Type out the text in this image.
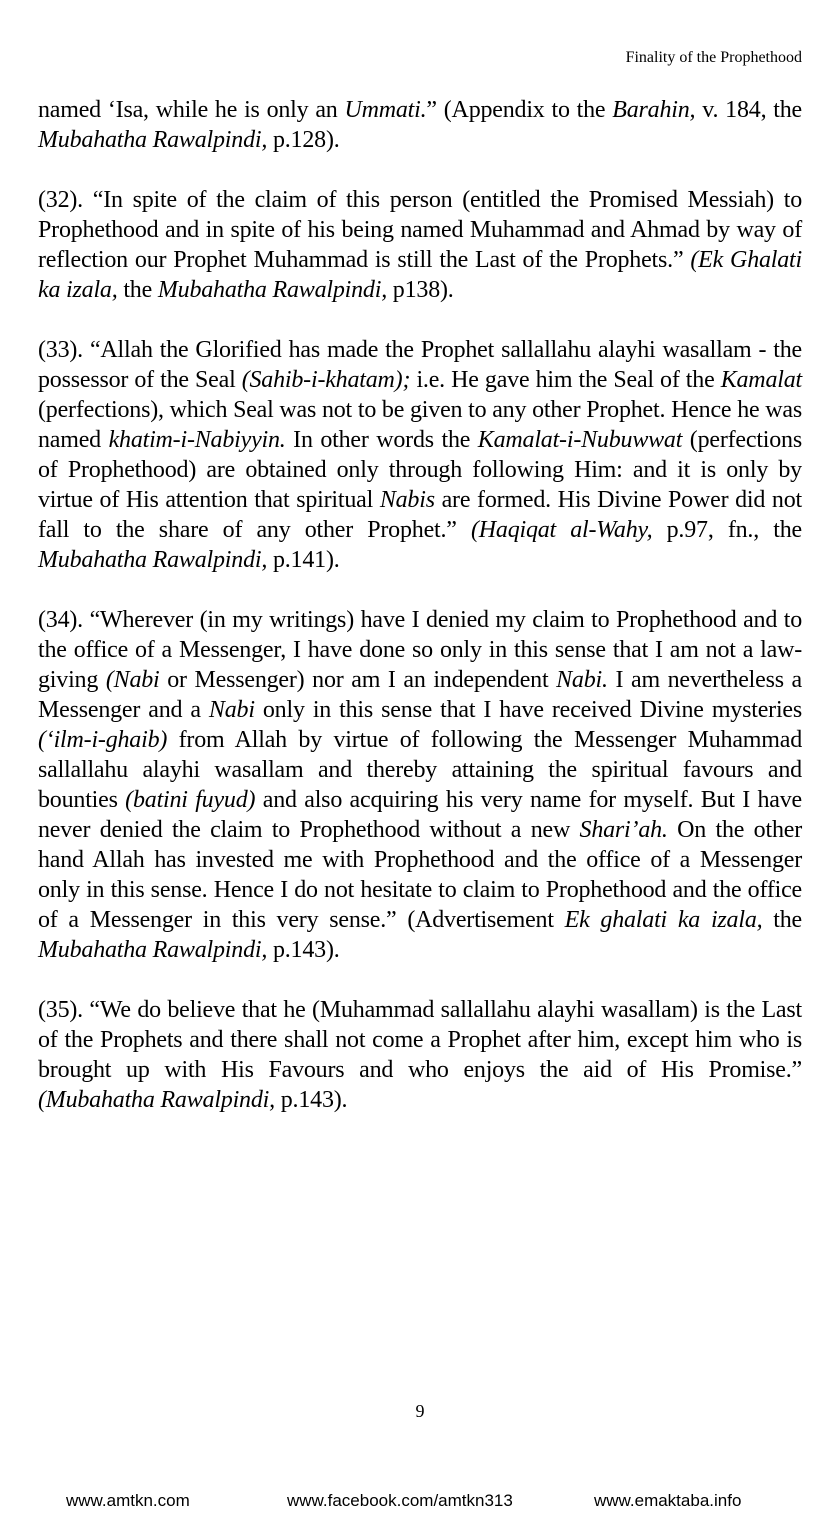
Finality of the Prophethood

named ‘Isa, while he is only an Ummati.” (Appendix to the Barahin, v. 184, the Mubahatha Rawalpindi, p.128).

(32). “In spite of the claim of this person (entitled the Promised Messiah) to Prophethood and in spite of his being named Muhammad and Ahmad by way of reflection our Prophet Muhammad is still the Last of the Prophets.” (Ek Ghalati ka izala, the Mubahatha Rawalpindi, p138).

(33). “Allah the Glorified has made the Prophet sallallahu alayhi wasallam - the possessor of the Seal (Sahib-i-khatam); i.e. He gave him the Seal of the Kamalat (perfections), which Seal was not to be given to any other Prophet. Hence he was named khatim-i-Nabiyyin. In other words the Kamalat-i-Nubuwwat (perfections of Prophethood) are obtained only through following Him: and it is only by virtue of His attention that spiritual Nabis are formed. His Divine Power did not fall to the share of any other Prophet.” (Haqiqat al-Wahy, p.97, fn., the Mubahatha Rawalpindi, p.141).

(34). “Wherever (in my writings) have I denied my claim to Prophethood and to the office of a Messenger, I have done so only in this sense that I am not a law-giving (Nabi or Messenger) nor am I an independent Nabi. I am nevertheless a Messenger and a Nabi only in this sense that I have received Divine mysteries (‘ilm-i-ghaib) from Allah by virtue of following the Messenger Muhammad sallallahu alayhi wasallam and thereby attaining the spiritual favours and bounties (batini fuyud) and also acquiring his very name for myself. But I have never denied the claim to Prophethood without a new Shari’ah. On the other hand Allah has invested me with Prophethood and the office of a Messenger only in this sense. Hence I do not hesitate to claim to Prophethood and the office of a Messenger in this very sense.” (Advertisement Ek ghalati ka izala, the Mubahatha Rawalpindi, p.143).

(35). “We do believe that he (Muhammad sallallahu alayhi wasallam) is the Last of the Prophets and there shall not come a Prophet after him, except him who is brought up with His Favours and who enjoys the aid of His Promise.” (Mubahatha Rawalpindi, p.143).

9
www.amtkn.com	www.facebook.com/amtkn313	www.emaktaba.info
